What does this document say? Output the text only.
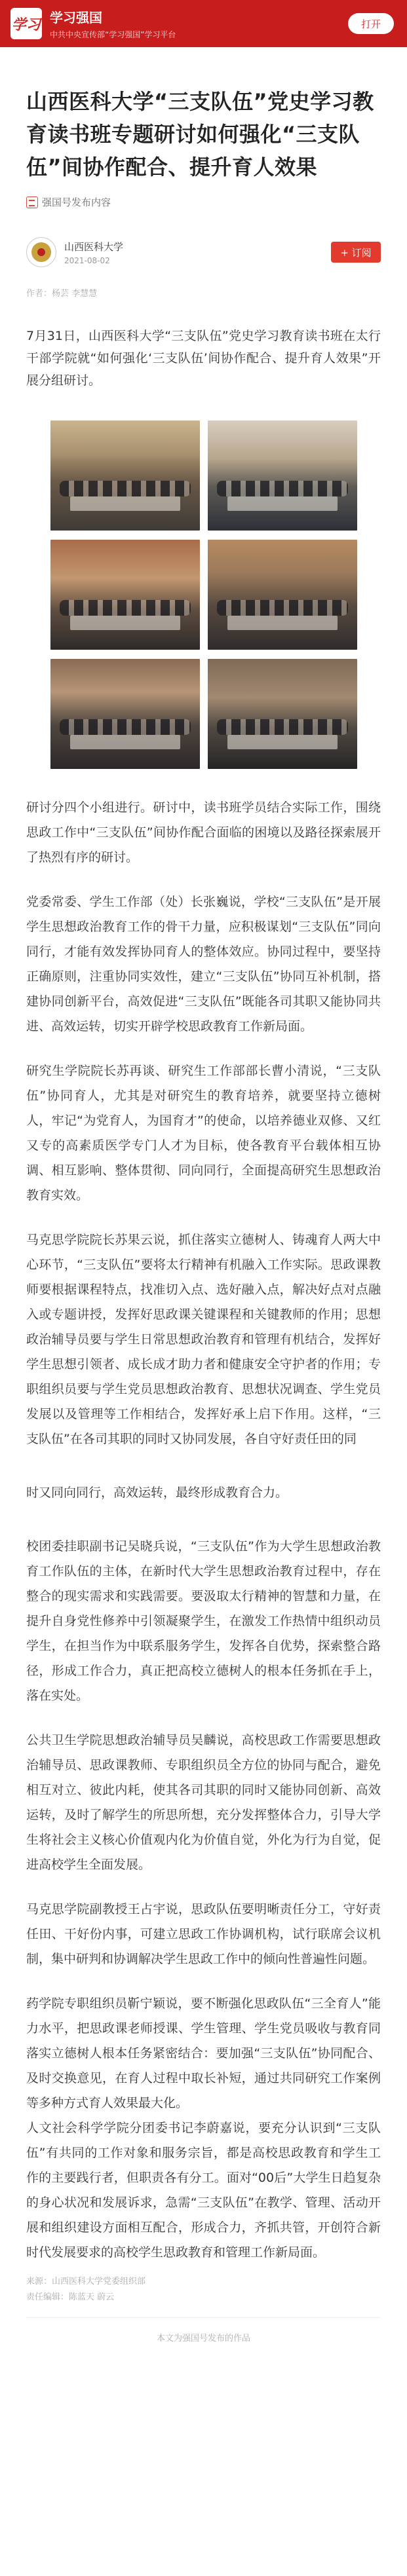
学习 学习强国
中共中央宣传部“学习强国”学习平台
打开
山西医科大学“三支队伍”党史学习教育读书班专题研讨如何强化“三支队伍”间协作配合、提升育人效果
强国号发布内容
山西医科大学
2021-08-02
+ 订阅
作者：杨芸 李慧慧

7月31日，山西医科大学“三支队伍”党史学习教育读书班在太行干部学院就“如何强化‘三支队伍’间协作配合、提升育人效果”开展分组研讨。

研讨分四个小组进行。研讨中，读书班学员结合实际工作，围绕思政工作中“三支队伍”间协作配合面临的困境以及路径探索展开了热烈有序的研讨。

党委常委、学生工作部（处）长张巍说，学校“三支队伍”是开展学生思想政治教育工作的骨干力量，应积极谋划“三支队伍”同向同行，才能有效发挥协同育人的整体效应。协同过程中，要坚持正确原则，注重协同实效性，建立“三支队伍”协同互补机制，搭建协同创新平台，高效促进“三支队伍”既能各司其职又能协同共进、高效运转，切实开辟学校思政教育工作新局面。

研究生学院院长苏再谈、研究生工作部部长曹小清说，“三支队伍”协同育人，尤其是对研究生的教育培养，就要坚持立德树人，牢记“为党育人，为国育才”的使命，以培养德业双修、又红又专的高素质医学专门人才为目标，使各教育平台载体相互协调、相互影响、整体贯彻、同向同行，全面提高研究生思想政治教育实效。

马克思学院院长苏果云说，抓住落实立德树人、铸魂育人两大中心环节，“三支队伍”要将太行精神有机融入工作实际。思政课教师要根据课程特点，找准切入点、选好融入点，解决好点对点融入或专题讲授，发挥好思政课关键课程和关键教师的作用；思想政治辅导员要与学生日常思想政治教育和管理有机结合，发挥好学生思想引领者、成长成才助力者和健康安全守护者的作用；专职组织员要与学生党员思想政治教育、思想状况调查、学生党员发展以及管理等工作相结合，发挥好承上启下作用。这样，“三支队伍”在各司其职的同时又协同发展，各自守好责任田的同

时又同向同行，高效运转，最终形成教育合力。

校团委挂职副书记吴晓兵说，“三支队伍”作为大学生思想政治教育工作队伍的主体，在新时代大学生思想政治教育过程中，存在整合的现实需求和实践需要。要汲取太行精神的智慧和力量，在提升自身党性修养中引领凝聚学生，在激发工作热情中组织动员学生，在担当作为中联系服务学生，发挥各自优势，探索整合路径，形成工作合力，真正把高校立德树人的根本任务抓在手上，落在实处。

公共卫生学院思想政治辅导员吴麟说，高校思政工作需要思想政治辅导员、思政课教师、专职组织员全方位的协同与配合，避免相互对立、彼此内耗，使其各司其职的同时又能协同创新、高效运转，及时了解学生的所思所想，充分发挥整体合力，引导大学生将社会主义核心价值观内化为价值自觉，外化为行为自觉，促进高校学生全面发展。

马克思学院副教授王占宇说，思政队伍要明晰责任分工，守好责任田、干好份内事，可建立思政工作协调机构，试行联席会议机制，集中研判和协调解决学生思政工作中的倾向性普遍性问题。

药学院专职组织员靳宁颖说，要不断强化思政队伍“三全育人”能力水平，把思政课老师授课、学生管理、学生党员吸收与教育同落实立德树人根本任务紧密结合：要加强“三支队伍”协同配合、及时交换意见，在育人过程中取长补短，通过共同研究工作案例等多种方式育人效果最大化。

人文社会科学学院分团委书记李蔚嘉说，要充分认识到“三支队伍”有共同的工作对象和服务宗旨，都是高校思政教育和学生工作的主要践行者，但职责各有分工。面对“00后”大学生日趋复杂的身心状况和发展诉求，急需“三支队伍”在教学、管理、活动开展和组织建设方面相互配合，形成合力，齐抓共管，开创符合新时代发展要求的高校学生思政教育和管理工作新局面。

来源：山西医科大学党委组织部
责任编辑：陈蓝天 蔚云
本文为强国号发布的作品
